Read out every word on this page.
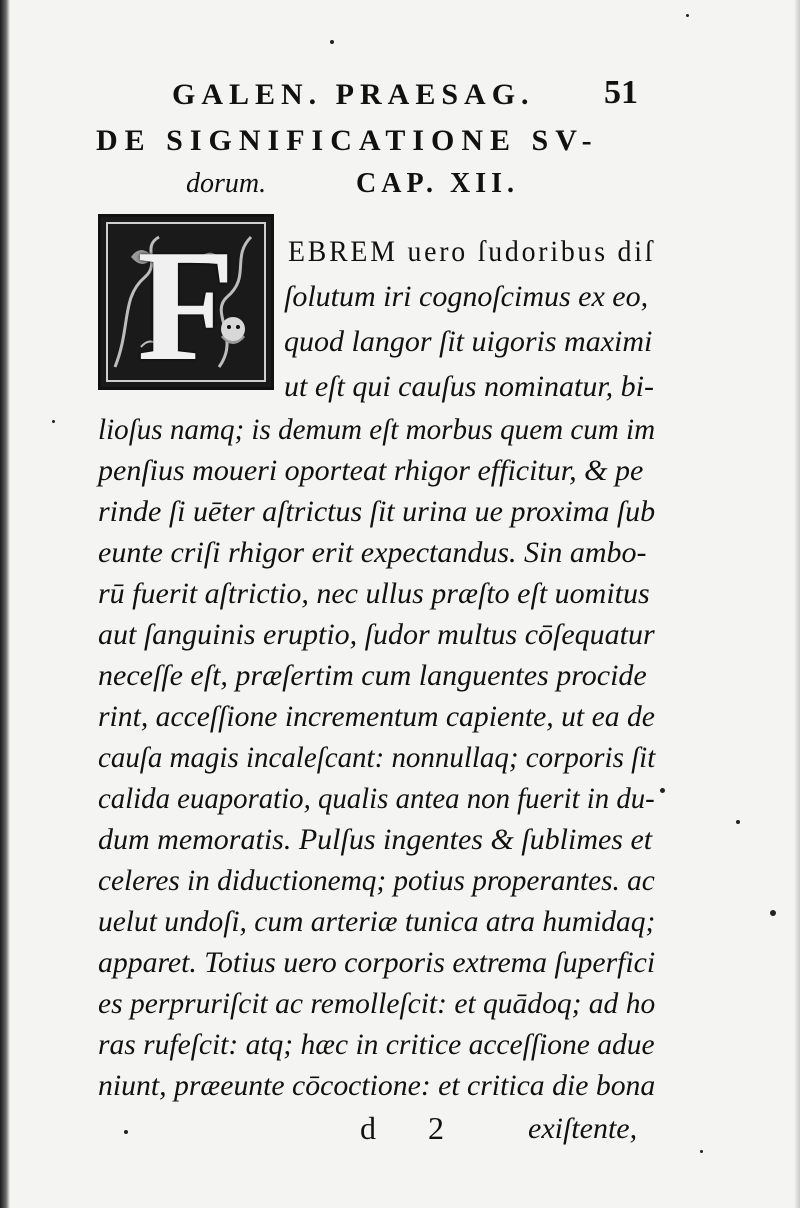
GALEN. PRAESAG. 51
DE SIGNIFICATIONE SV-
dorum.	CAP. XII.
F	EBREM uero ſudoribus diſ
ſolutum iri cognoſcimus ex eo,
quod langor ſit uigoris maximi
ut eſt qui cauſus nominatur, bi-
lioſus namq; is demum eſt morbus quem cum im
penſius moueri oporteat rhigor efficitur, & pe
rinde ſi uēter aſtrictus ſit urina ue proxima ſub
eunte criſi rhigor erit expectandus. Sin ambo-
rū fuerit aſtrictio, nec ullus præſto eſt uomitus
aut ſanguinis eruptio, ſudor multus cōſequatur
neceſſe eſt, præſertim cum languentes procide
rint, acceſſione incrementum capiente, ut ea de
cauſa magis incaleſcant: nonnullaq; corporis ſit
calida euaporatio, qualis antea non fuerit in du-
dum memoratis. Pulſus ingentes & ſublimes et
celeres in diductionemq; potius properantes. ac
uelut undoſi, cum arteriæ tunica atra humidaq;
apparet. Totius uero corporis extrema ſuperfici
es perpruriſcit ac remolleſcit: et quādoq; ad ho
ras rufeſcit: atq; hæc in critice acceſſione adue
niunt, præeunte cōcoctione: et critica die bona
d 2 exiſtente,
